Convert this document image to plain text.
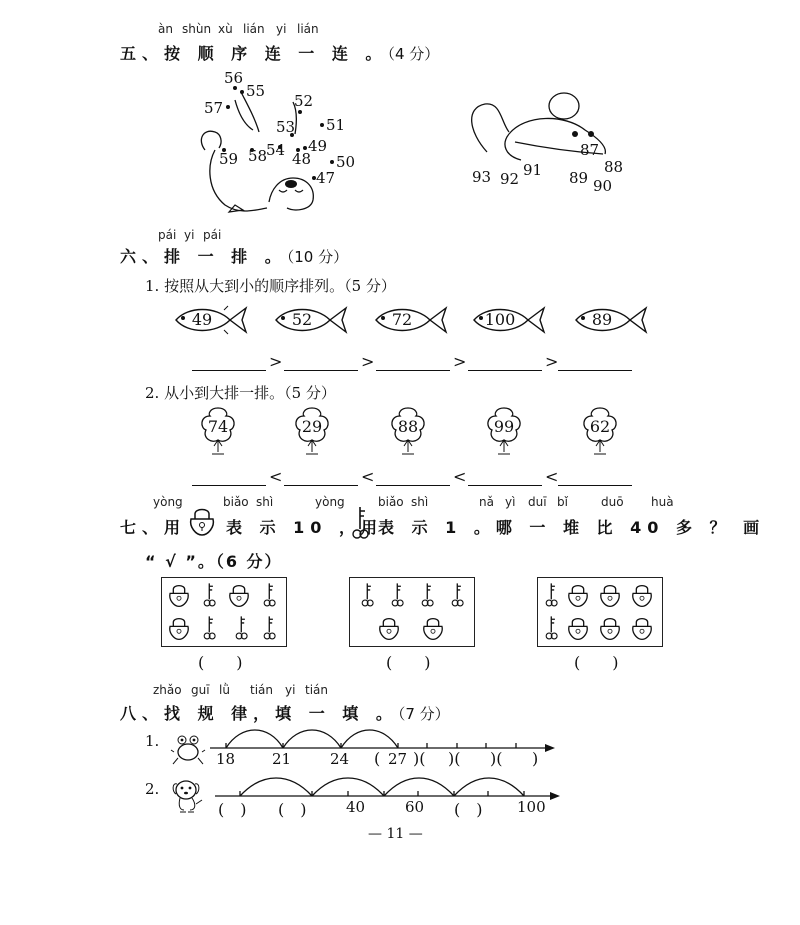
àn shùn xù lián yi lián
五、按 顺 序 连 一 连 。（4 分）
56
55
57	52
53 51
54 49
59 58 48 50
47
87
88
93 92 91 89 90
pái yi pái
六、排 一 排 。（10 分）
1. 按照从大到小的顺序排列。（5 分）
49	52	72	100	89
>	>	>	>
2. 从小到大排一排。（5 分）
74	29	88	99	62
<	<	<	<
yòng	biǎo shì	yòng	biǎo shì	nǎ yì duī bǐ	duō huà
七、用 表 示 10 ，用
表 示 1 。哪 一 堆 比 40 多 ？ 画
“ √ ”。（6 分）
(　　)	(　　)	(　　)
zhǎo guī lǜ tián yi tián
八、找 规 律，填 一 填 。（7 分）
1.
18 21	24	27
( )( )( )( )
2.
(　) (　)	40	60 (　) 100
— 11 —
